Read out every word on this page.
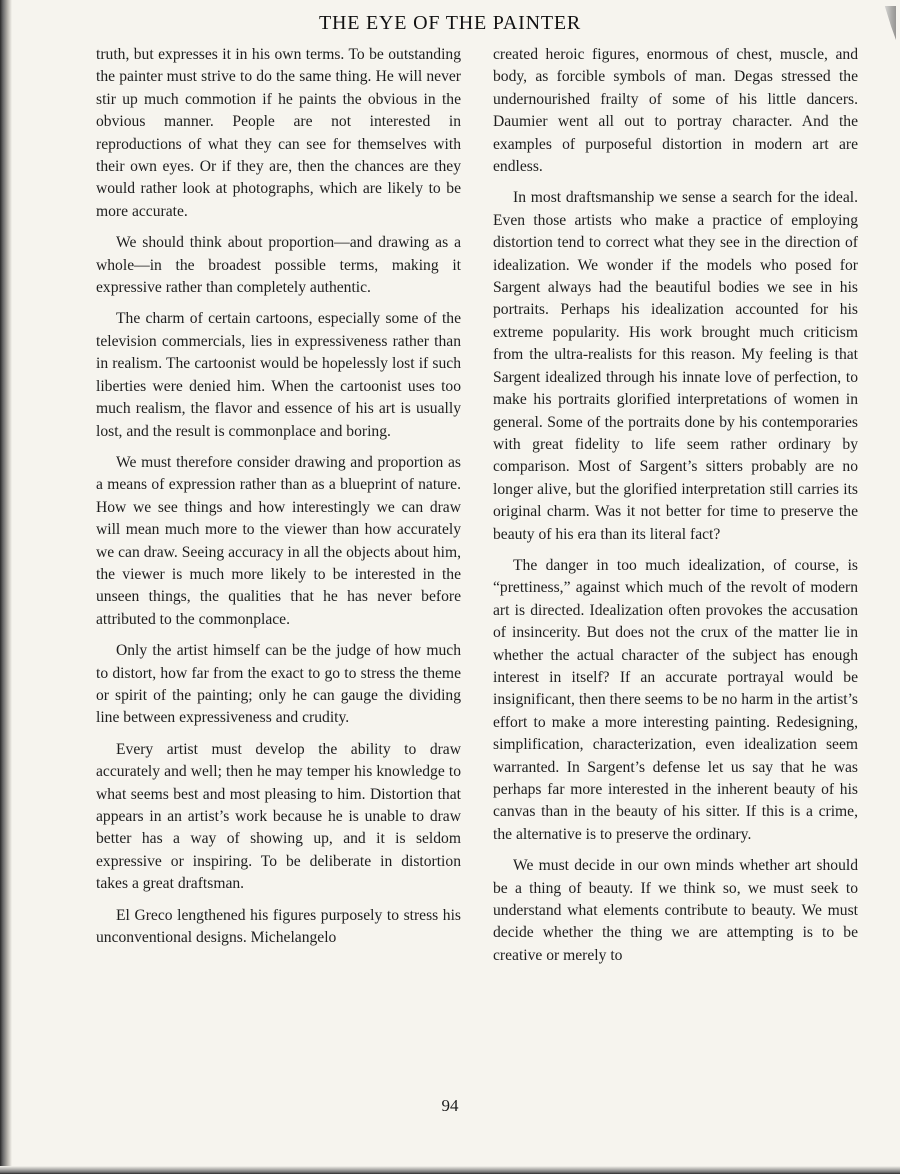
THE EYE OF THE PAINTER

truth, but expresses it in his own terms. To be outstanding the painter must strive to do the same thing. He will never stir up much commotion if he paints the obvious in the obvious manner. People are not interested in reproductions of what they can see for themselves with their own eyes. Or if they are, then the chances are they would rather look at photographs, which are likely to be more accurate.

We should think about proportion—and drawing as a whole—in the broadest possible terms, making it expressive rather than completely authentic.

The charm of certain cartoons, especially some of the television commercials, lies in expressiveness rather than in realism. The cartoonist would be hopelessly lost if such liberties were denied him. When the cartoonist uses too much realism, the flavor and essence of his art is usually lost, and the result is commonplace and boring.

We must therefore consider drawing and proportion as a means of expression rather than as a blueprint of nature. How we see things and how interestingly we can draw will mean much more to the viewer than how accurately we can draw. Seeing accuracy in all the objects about him, the viewer is much more likely to be interested in the unseen things, the qualities that he has never before attributed to the commonplace.

Only the artist himself can be the judge of how much to distort, how far from the exact to go to stress the theme or spirit of the painting; only he can gauge the dividing line between expressiveness and crudity.

Every artist must develop the ability to draw accurately and well; then he may temper his knowledge to what seems best and most pleasing to him. Distortion that appears in an artist’s work because he is unable to draw better has a way of showing up, and it is seldom expressive or inspiring. To be deliberate in distortion takes a great draftsman.

El Greco lengthened his figures purposely to stress his unconventional designs. Michelangelo

created heroic figures, enormous of chest, muscle, and body, as forcible symbols of man. Degas stressed the undernourished frailty of some of his little dancers. Daumier went all out to portray character. And the examples of purposeful distortion in modern art are endless.

In most draftsmanship we sense a search for the ideal. Even those artists who make a practice of employing distortion tend to correct what they see in the direction of idealization. We wonder if the models who posed for Sargent always had the beautiful bodies we see in his portraits. Perhaps his idealization accounted for his extreme popularity. His work brought much criticism from the ultra-realists for this reason. My feeling is that Sargent idealized through his innate love of perfection, to make his portraits glorified interpretations of women in general. Some of the portraits done by his contemporaries with great fidelity to life seem rather ordinary by comparison. Most of Sargent’s sitters probably are no longer alive, but the glorified interpretation still carries its original charm. Was it not better for time to preserve the beauty of his era than its literal fact?

The danger in too much idealization, of course, is “prettiness,” against which much of the revolt of modern art is directed. Idealization often provokes the accusation of insincerity. But does not the crux of the matter lie in whether the actual character of the subject has enough interest in itself? If an accurate portrayal would be insignificant, then there seems to be no harm in the artist’s effort to make a more interesting painting. Redesigning, simplification, characterization, even idealization seem warranted. In Sargent’s defense let us say that he was perhaps far more interested in the inherent beauty of his canvas than in the beauty of his sitter. If this is a crime, the alternative is to preserve the ordinary.

We must decide in our own minds whether art should be a thing of beauty. If we think so, we must seek to understand what elements contribute to beauty. We must decide whether the thing we are attempting is to be creative or merely to

94
